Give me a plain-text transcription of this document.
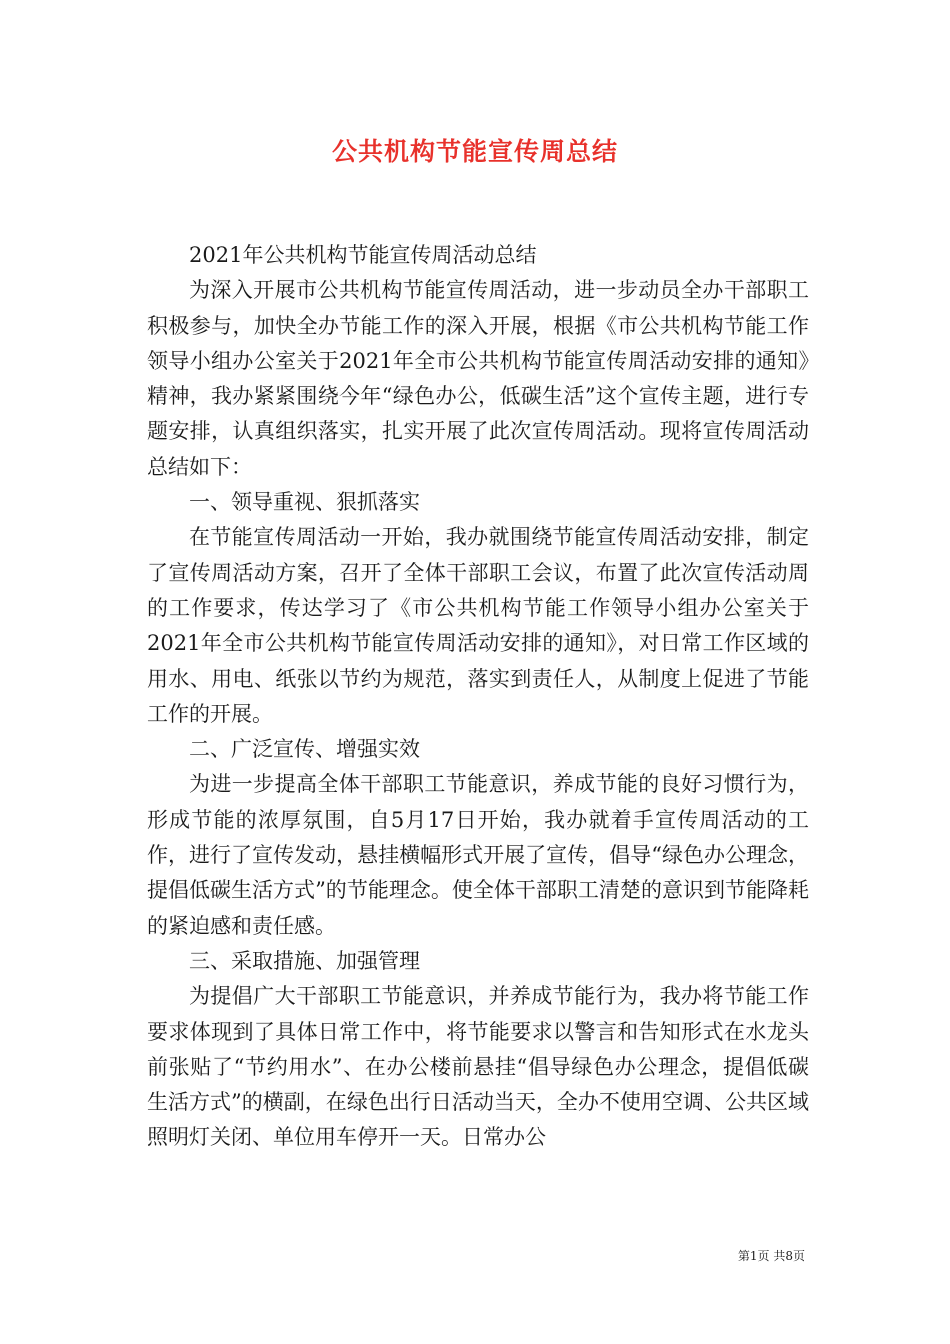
公共机构节能宣传周总结

2021年公共机构节能宣传周活动总结

为深入开展市公共机构节能宣传周活动，进一步动员全办干部职工积极参与，加快全办节能工作的深入开展，根据《市公共机构节能工作领导小组办公室关于2021年全市公共机构节能宣传周活动安排的通知》精神，我办紧紧围绕今年“绿色办公，低碳生活”这个宣传主题，进行专题安排，认真组织落实，扎实开展了此次宣传周活动。现将宣传周活动总结如下：

一、领导重视、狠抓落实

在节能宣传周活动一开始，我办就围绕节能宣传周活动安排，制定了宣传周活动方案，召开了全体干部职工会议，布置了此次宣传活动周的工作要求，传达学习了《市公共机构节能工作领导小组办公室关于2021年全市公共机构节能宣传周活动安排的通知》，对日常工作区域的用水、用电、纸张以节约为规范，落实到责任人，从制度上促进了节能工作的开展。

二、广泛宣传、增强实效

为进一步提高全体干部职工节能意识，养成节能的良好习惯行为，形成节能的浓厚氛围，自5月17日开始，我办就着手宣传周活动的工作，进行了宣传发动，悬挂横幅形式开展了宣传，倡导“绿色办公理念，提倡低碳生活方式”的节能理念。使全体干部职工清楚的意识到节能降耗的紧迫感和责任感。

三、采取措施、加强管理

为提倡广大干部职工节能意识，并养成节能行为，我办将节能工作要求体现到了具体日常工作中，将节能要求以警言和告知形式在水龙头前张贴了“节约用水”、在办公楼前悬挂“倡导绿色办公理念，提倡低碳生活方式”的横副，在绿色出行日活动当天，全办不使用空调、公共区域照明灯关闭、单位用车停开一天。日常办公

第1页 共8页
